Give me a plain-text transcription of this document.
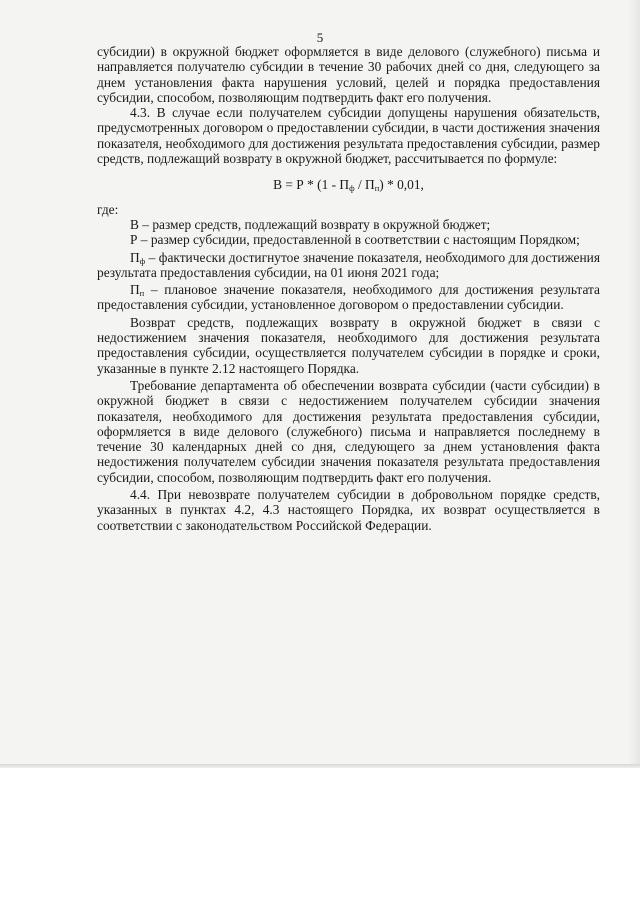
5

субсидии) в окружной бюджет оформляется в виде делового (служебного) письма и направляется получателю субсидии в течение 30 рабочих дней со дня, следующего за днем установления факта нарушения условий, целей и порядка предоставления субсидии, способом, позволяющим подтвердить факт его получения.

4.3. В случае если получателем субсидии допущены нарушения обязательств, предусмотренных договором о предоставлении субсидии, в части достижения значения показателя, необходимого для достижения результата предоставления субсидии, размер средств, подлежащий возврату в окружной бюджет, рассчитывается по формуле:

$В = Р * (1 - П_ф / П_п) * 0,01$,

где:

В – размер средств, подлежащий возврату в окружной бюджет;

Р – размер субсидии, предоставленной в соответствии с настоящим Порядком;

$П_ф$ – фактически достигнутое значение показателя, необходимого для достижения результата предоставления субсидии, на 01 июня 2021 года;

$П_п$ – плановое значение показателя, необходимого для достижения результата предоставления субсидии, установленное договором о предоставлении субсидии.

Возврат средств, подлежащих возврату в окружной бюджет в связи с недостижением значения показателя, необходимого для достижения результата предоставления субсидии, осуществляется получателем субсидии в порядке и сроки, указанные в пункте 2.12 настоящего Порядка.

Требование департамента об обеспечении возврата субсидии (части субсидии) в окружной бюджет в связи с недостижением получателем субсидии значения показателя, необходимого для достижения результата предоставления субсидии, оформляется в виде делового (служебного) письма и направляется последнему в течение 30 календарных дней со дня, следующего за днем установления факта недостижения получателем субсидии значения показателя результата предоставления субсидии, способом, позволяющим подтвердить факт его получения.

4.4. При невозврате получателем субсидии в добровольном порядке средств, указанных в пунктах 4.2, 4.3 настоящего Порядка, их возврат осуществляется в соответствии с законодательством Российской Федерации.
